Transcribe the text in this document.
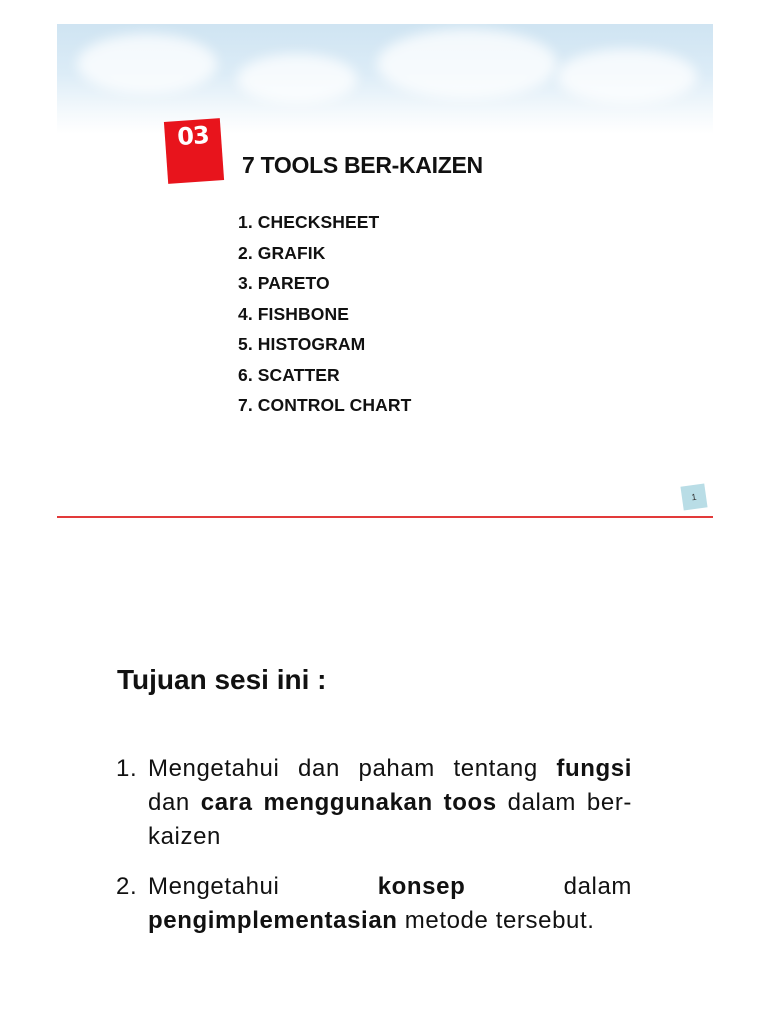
03
7 TOOLS BER-KAIZEN
1. CHECKSHEET
2. GRAFIK
3. PARETO
4. FISHBONE
5. HISTOGRAM
6. SCATTER
7. CONTROL CHART
1
Tujuan sesi ini :
1. Mengetahui dan paham tentang fungsi dan cara menggunakan toos dalam ber-kaizen
2. Mengetahui konsep dalam pengimplementasian metode tersebut.
